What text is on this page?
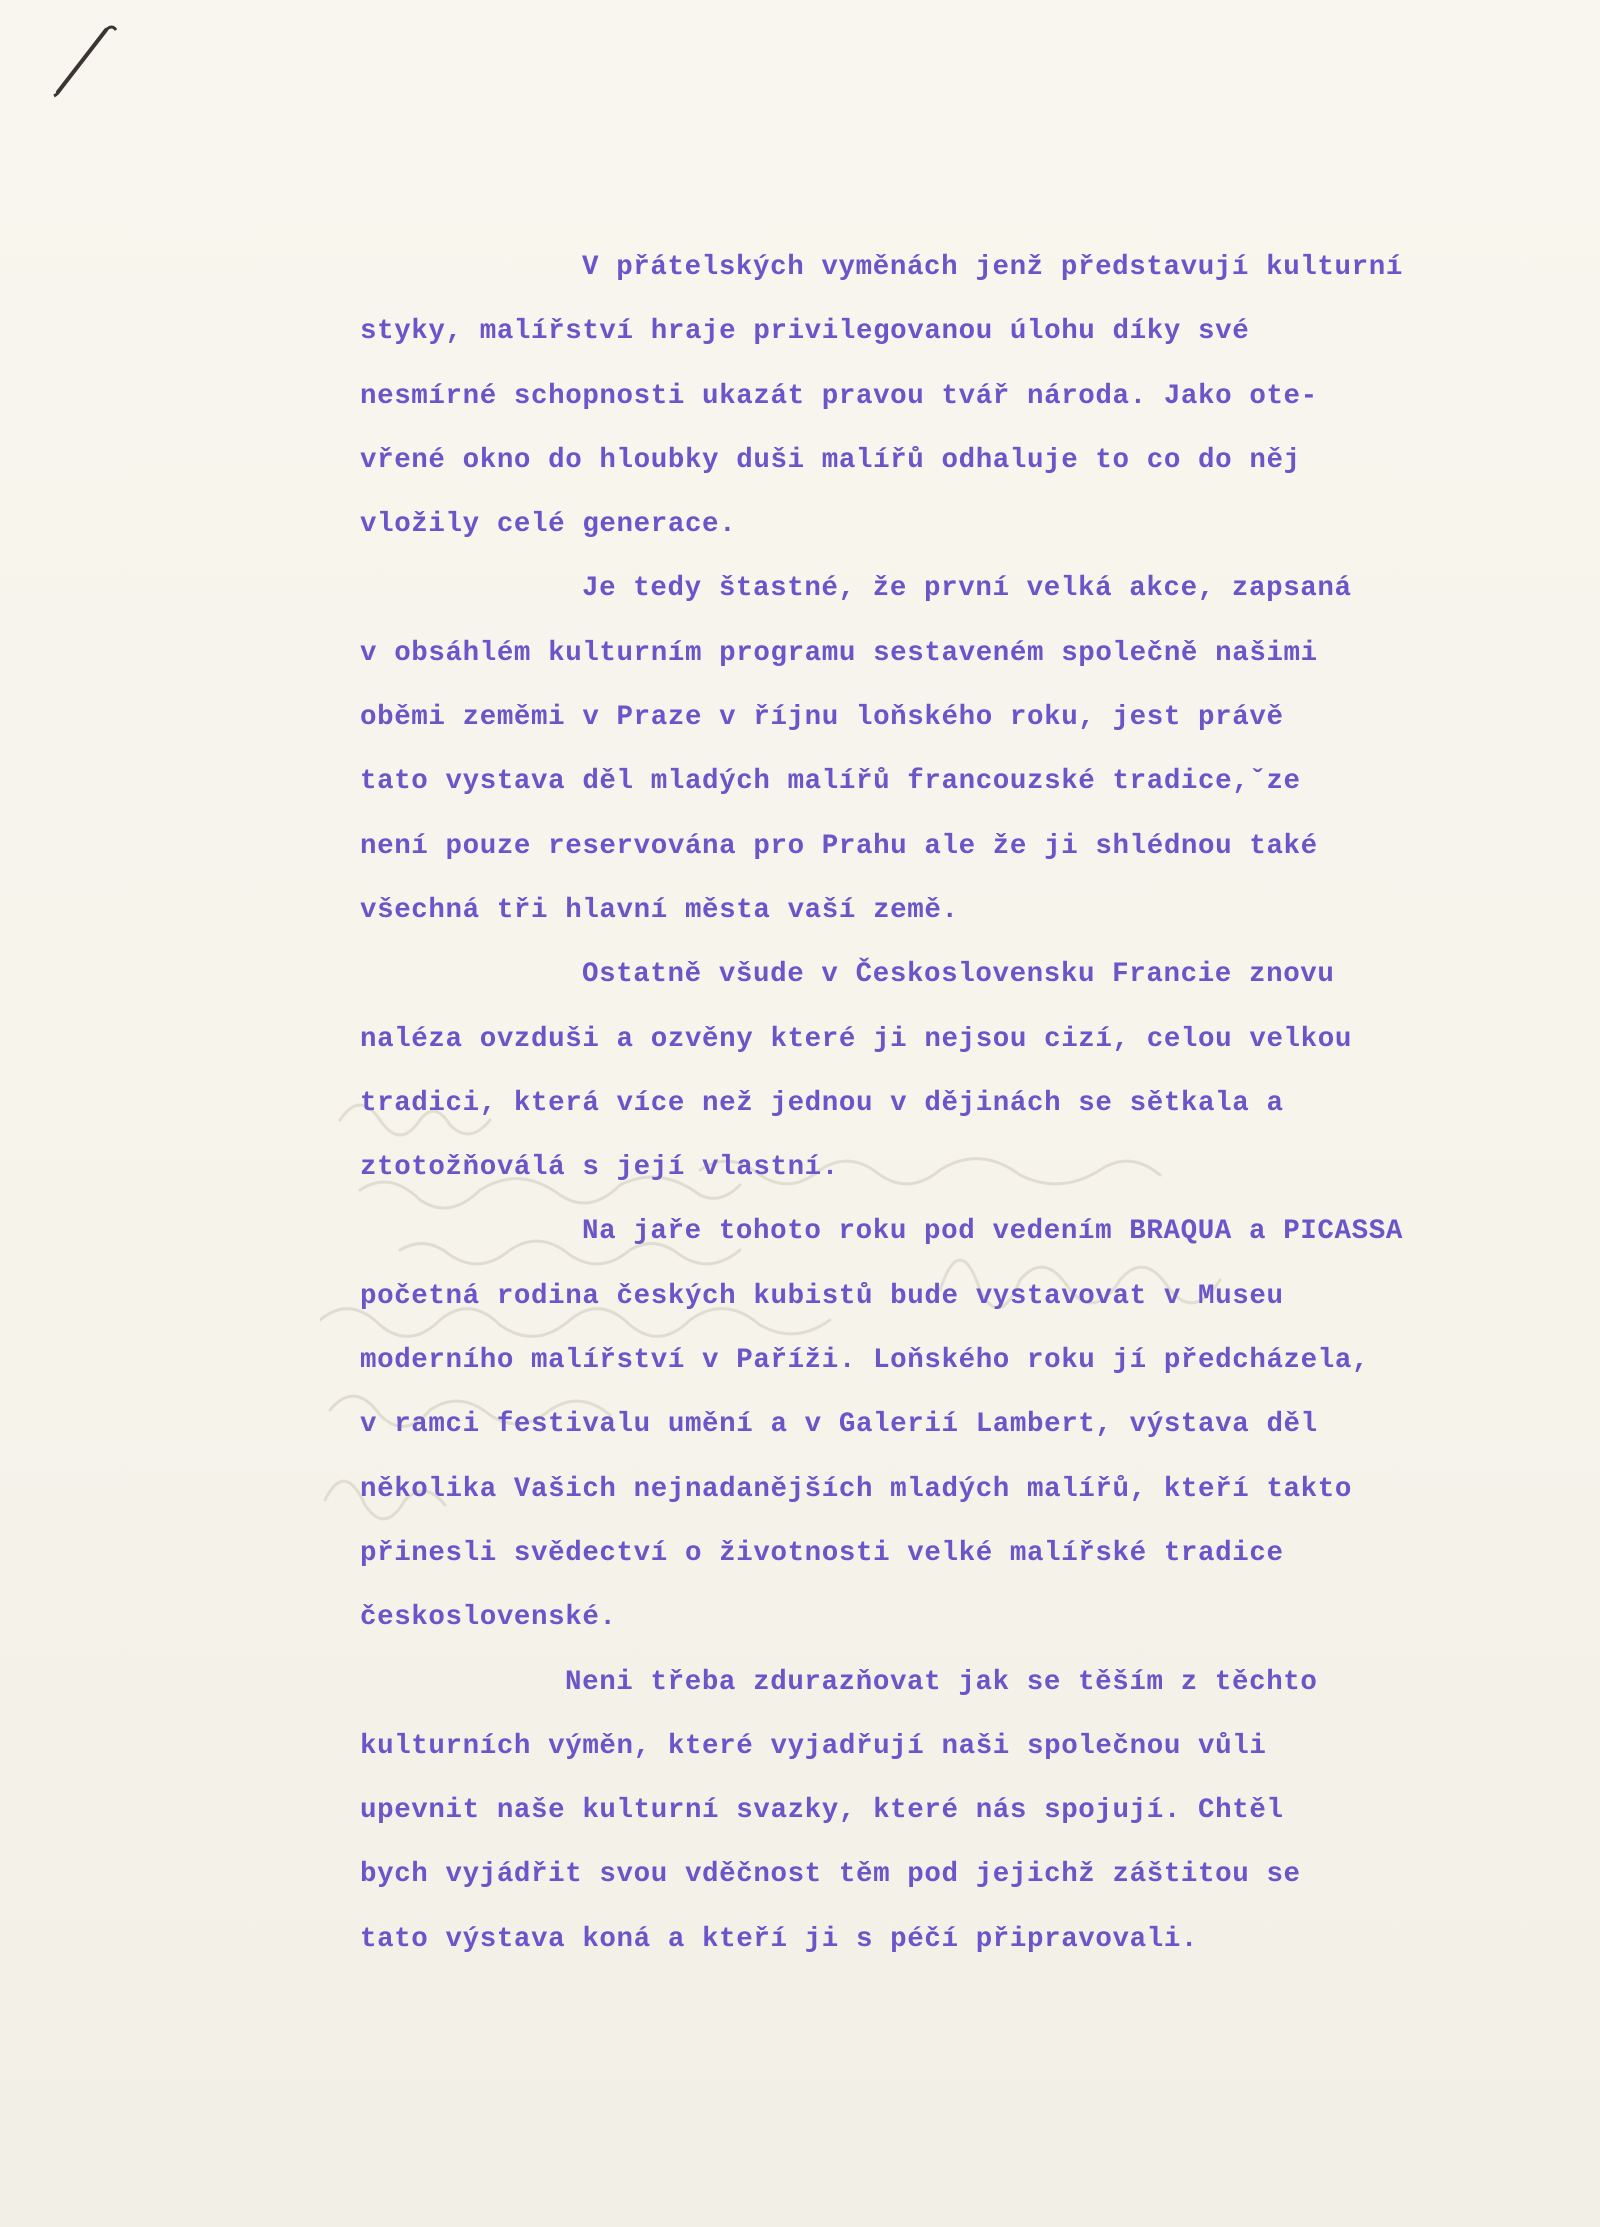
V přátelských vyměnách jenž představují kulturní
styky, malířství hraje privilegovanou úlohu díky své
nesmírné schopnosti ukazát pravou tvář národa. Jako ote-
vřené okno do hloubky duši malířů odhaluje to co do něj
vložily celé generace.
Je tedy štastné, že první velká akce, zapsaná
v obsáhlém kulturním programu sestaveném společně našimi
oběmi zeměmi v Praze v říjnu loňského roku, jest právě
tato vystava děl mladých malířů francouzské tradice,ˇze
není pouze reservována pro Prahu ale že ji shlédnou také
všechná tři hlavní města vaší země.
Ostatně všude v Československu Francie znovu
naléza ovzduši a ozvěny které ji nejsou cizí, celou velkou
tradici, která více než jednou v dějinách se sětkala a
ztotožňoválá s její vlastní.
Na jaře tohoto roku pod vedením BRAQUA a PICASSA
početná rodina českých kubistů bude vystavovat v Museu
moderního malířství v Paříži. Loňského roku jí předcházela,
v ramci festivalu umění a v Galerií Lambert, výstava děl
několika Vašich nejnadanějších mladých malířů, kteří takto
přinesli svědectví o životnosti velké malířské tradice
československé.
Neni třeba zdurazňovat jak se těším z těchto
kulturních výměn, které vyjadřují naši společnou vůli
upevnit naše kulturní svazky, které nás spojují. Chtěl
bych vyjádřit svou vděčnost těm pod jejichž záštitou se
tato výstava koná a kteří ji s péčí připravovali.
